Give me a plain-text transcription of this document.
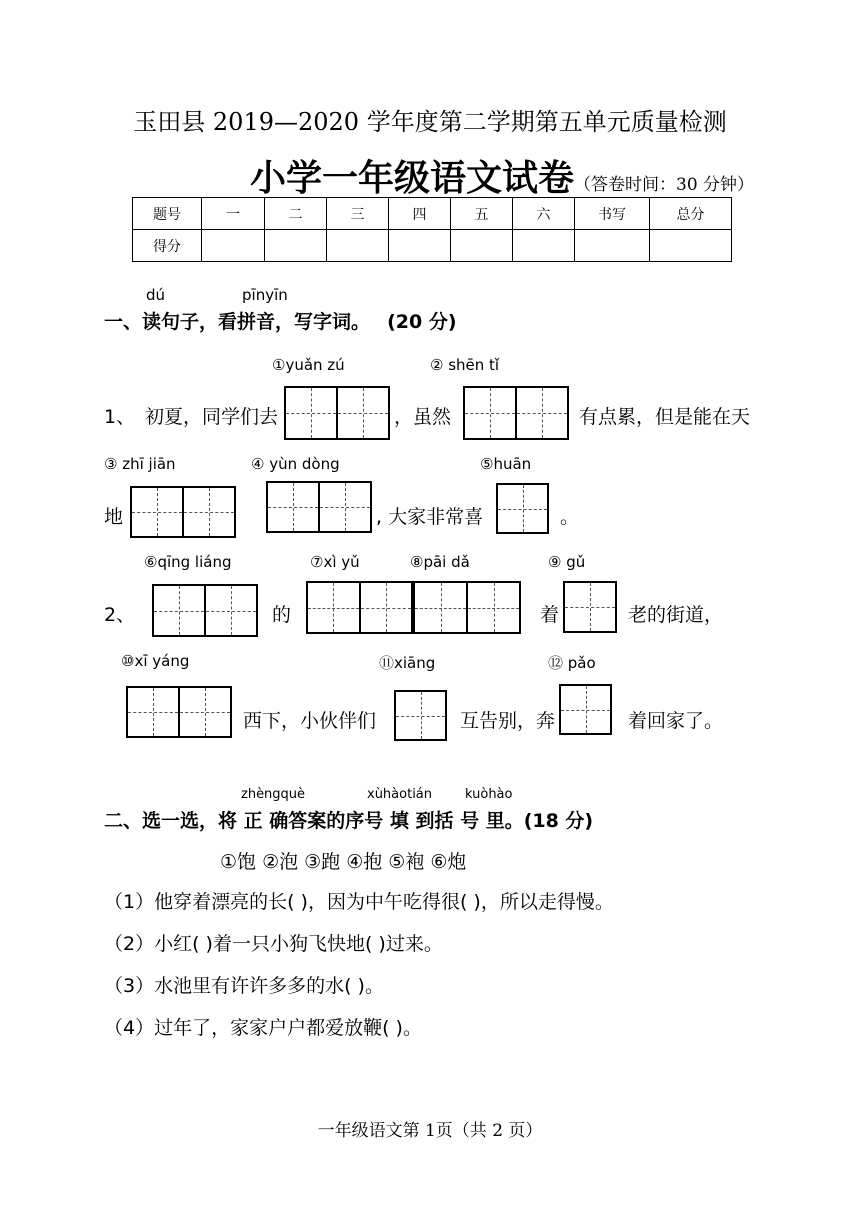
玉田县 2019—2020 学年度第二学期第五单元质量检测
小学一年级语文试卷（答卷时间：30 分钟）
题号	一	二	三	四	五	六	书写	总分
得分								
dú	pīnyīn
一、读句子，看拼音，写字词。 (20 分)
①yuǎn zú	② shēn tǐ
1、 初夏，同学们去	，虽然	有点累，但是能在天
③ zhī jiān	④ yùn dòng	⑤huān
地	, 大家非常喜	。
⑥qīng liáng	⑦xì yǔ	⑧pāi dǎ	⑨ gǔ
2、	的	着	老的街道，
⑩xī yáng	⑪xiāng	⑫ pǎo
西下，小伙伴们	互告别，奔	着回家了。
zhèngquè	xùhàotián	kuòhào
二、选一选，将 正 确答案的序号 填 到括 号 里。(18 分)
①饱 ②泡 ③跑 ④抱 ⑤袍 ⑥炮
（1）他穿着漂亮的长( )，因为中午吃得很( )，所以走得慢。
（2）小红( )着一只小狗飞快地( )过来。
（3）水池里有许许多多的水( )。
（4）过年了，家家户户都爱放鞭( )。
一年级语文第 1页（共 2 页）
